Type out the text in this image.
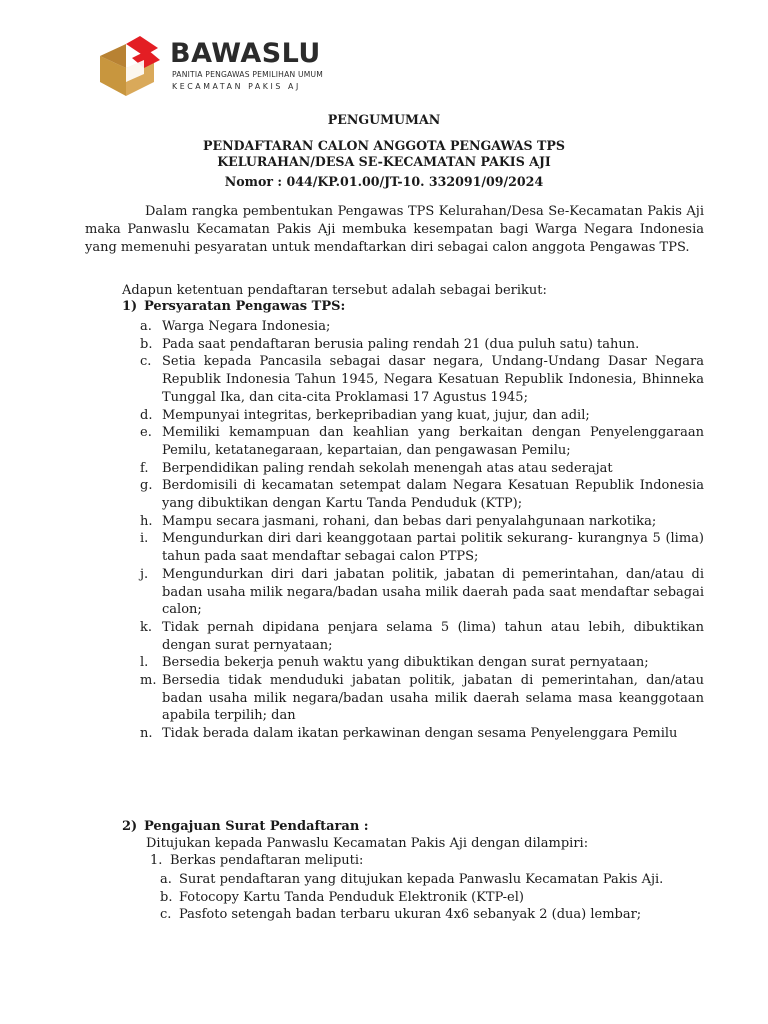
BAWASLU
PANITIA PENGAWAS PEMILIHAN UMUM
KECAMATAN PAKIS AJ
PENGUMUMAN
PENDAFTARAN CALON ANGGOTA PENGAWAS TPS
KELURAHAN/DESA SE-KECAMATAN PAKIS AJI
Nomor : 044/KP.01.00/JT-10. 332091/09/2024
Dalam rangka pembentukan Pengawas TPS Kelurahan/Desa Se-Kecamatan Pakis Aji maka Panwaslu Kecamatan Pakis Aji membuka kesempatan bagi Warga Negara Indonesia yang memenuhi pesyaratan untuk mendaftarkan diri sebagai calon anggota Pengawas TPS.
Adapun ketentuan pendaftaran tersebut adalah sebagai berikut:
1) Persyaratan Pengawas TPS:
a. Warga Negara Indonesia;
b. Pada saat pendaftaran berusia paling rendah 21 (dua puluh satu) tahun.
c. Setia kepada Pancasila sebagai dasar negara, Undang-Undang Dasar Negara Republik Indonesia Tahun 1945, Negara Kesatuan Republik Indonesia, Bhinneka Tunggal Ika, dan cita-cita Proklamasi 17 Agustus 1945;
d. Mempunyai integritas, berkepribadian yang kuat, jujur, dan adil;
e. Memiliki kemampuan dan keahlian yang berkaitan dengan Penyelenggaraan Pemilu, ketatanegaraan, kepartaian, dan pengawasan Pemilu;
f. Berpendidikan paling rendah sekolah menengah atas atau sederajat
g. Berdomisili di kecamatan setempat dalam Negara Kesatuan Republik Indonesia yang dibuktikan dengan Kartu Tanda Penduduk (KTP);
h. Mampu secara jasmani, rohani, dan bebas dari penyalahgunaan narkotika;
i. Mengundurkan diri dari keanggotaan partai politik sekurang- kurangnya 5 (lima) tahun pada saat mendaftar sebagai calon PTPS;
j. Mengundurkan diri dari jabatan politik, jabatan di pemerintahan, dan/atau di badan usaha milik negara/badan usaha milik daerah pada saat mendaftar sebagai calon;
k. Tidak pernah dipidana penjara selama 5 (lima) tahun atau lebih, dibuktikan dengan surat pernyataan;
l. Bersedia bekerja penuh waktu yang dibuktikan dengan surat pernyataan;
m. Bersedia tidak menduduki jabatan politik, jabatan di pemerintahan, dan/atau badan usaha milik negara/badan usaha milik daerah selama masa keanggotaan apabila terpilih; dan
n. Tidak berada dalam ikatan perkawinan dengan sesama Penyelenggara Pemilu
2) Pengajuan Surat Pendaftaran :
Ditujukan kepada Panwaslu Kecamatan Pakis Aji dengan dilampiri:
1. Berkas pendaftaran meliputi:
a. Surat pendaftaran yang ditujukan kepada Panwaslu Kecamatan Pakis Aji.
b. Fotocopy Kartu Tanda Penduduk Elektronik (KTP-el)
c. Pasfoto setengah badan terbaru ukuran 4x6 sebanyak 2 (dua) lembar;
